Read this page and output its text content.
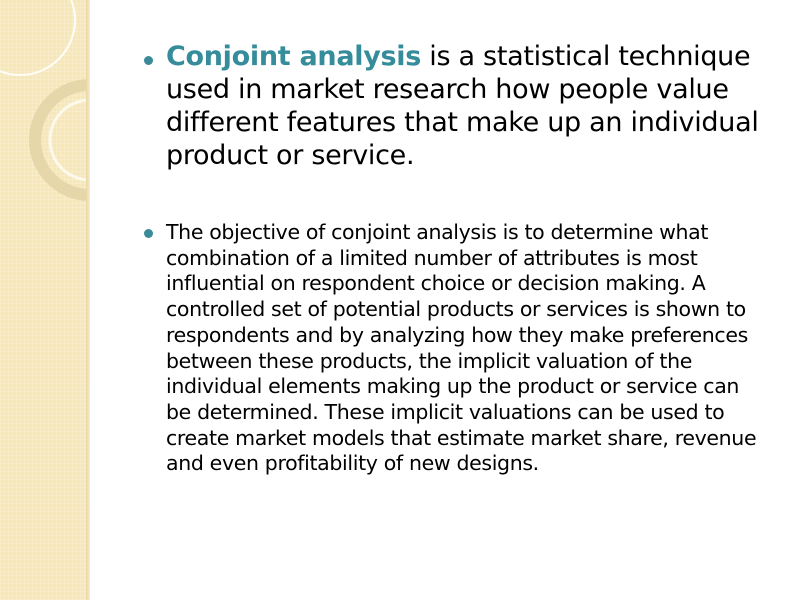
Conjoint analysis is a statistical technique used in market research how people value different features that make up an individual product or service.
The objective of conjoint analysis is to determine what combination of a limited number of attributes is most influential on respondent choice or decision making. A controlled set of potential products or services is shown to respondents and by analyzing how they make preferences between these products, the implicit valuation of the individual elements making up the product or service can be determined. These implicit valuations can be used to create market models that estimate market share, revenue and even profitability of new designs.
